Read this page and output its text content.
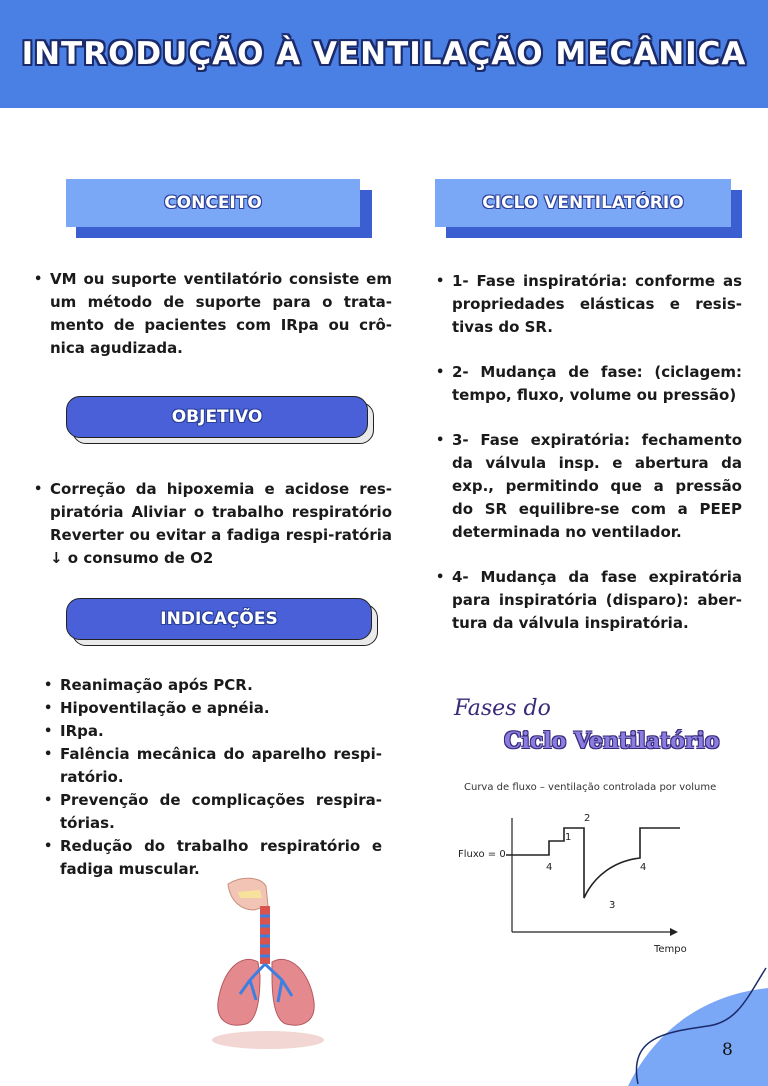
INTRODUÇÃO À VENTILAÇÃO MECÂNICA
CONCEITO
• VM ou suporte ventilatório consiste em um método de suporte para o trata-mento de pacientes com IRpa ou crô-nica agudizada.
OBJETIVO
• Correção da hipoxemia e acidose res-piratória Aliviar o trabalho respiratório Reverter ou evitar a fadiga respi-ratória ↓ o consumo de O2
INDICAÇÕES
• Reanimação após PCR.
• Hipoventilação e apnéia.
• IRpa.
• Falência mecânica do aparelho respi-ratório.
• Prevenção de complicações respira-tórias.
• Redução do trabalho respiratório e fadiga muscular.
CICLO VENTILATÓRIO
• 1- Fase inspiratória: conforme as propriedades elásticas e resis-tivas do SR.
• 2- Mudança de fase: (ciclagem: tempo, fluxo, volume ou pressão)
• 3- Fase expiratória: fechamento da válvula insp. e abertura da exp., permitindo que a pressão do SR equilibre-se com a PEEP determinada no ventilador.
• 4- Mudança da fase expiratória para inspiratória (disparo): aber-tura da válvula inspiratória.
Fases do
Ciclo Ventilatório
Curva de fluxo – ventilação controlada por volume
Fluxo = 0
Tempo
1
2
3
4	4
8
